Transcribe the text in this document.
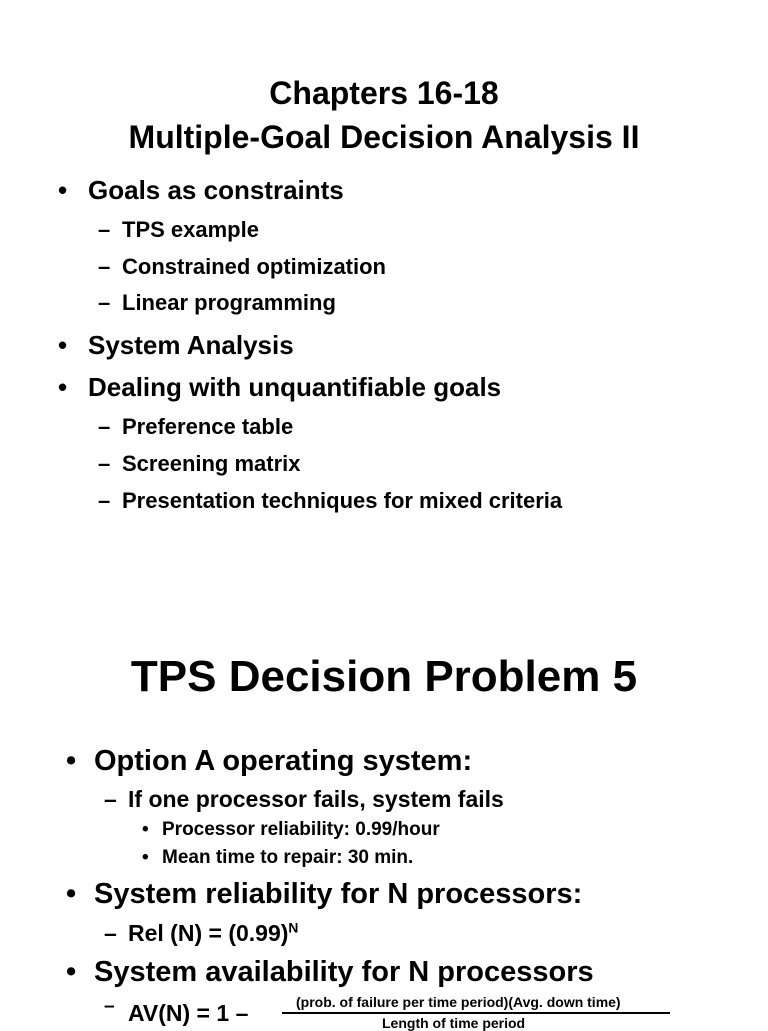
Chapters 16-18
Multiple-Goal Decision Analysis II
• Goals as constraints
– TPS example
– Constrained optimization
– Linear programming
• System Analysis
• Dealing with unquantifiable goals
– Preference table
– Screening matrix
– Presentation techniques for mixed criteria
TPS Decision Problem 5
• Option A operating system:
– If one processor fails, system fails
• Processor reliability: 0.99/hour
• Mean time to repair: 30 min.
• System reliability for N processors:
– Rel $(N) = (0.99)^N$
• System availability for N processors
– AV(N) = 1 –	(prob. of failure per time period)(Avg. down time)
Length of time period
